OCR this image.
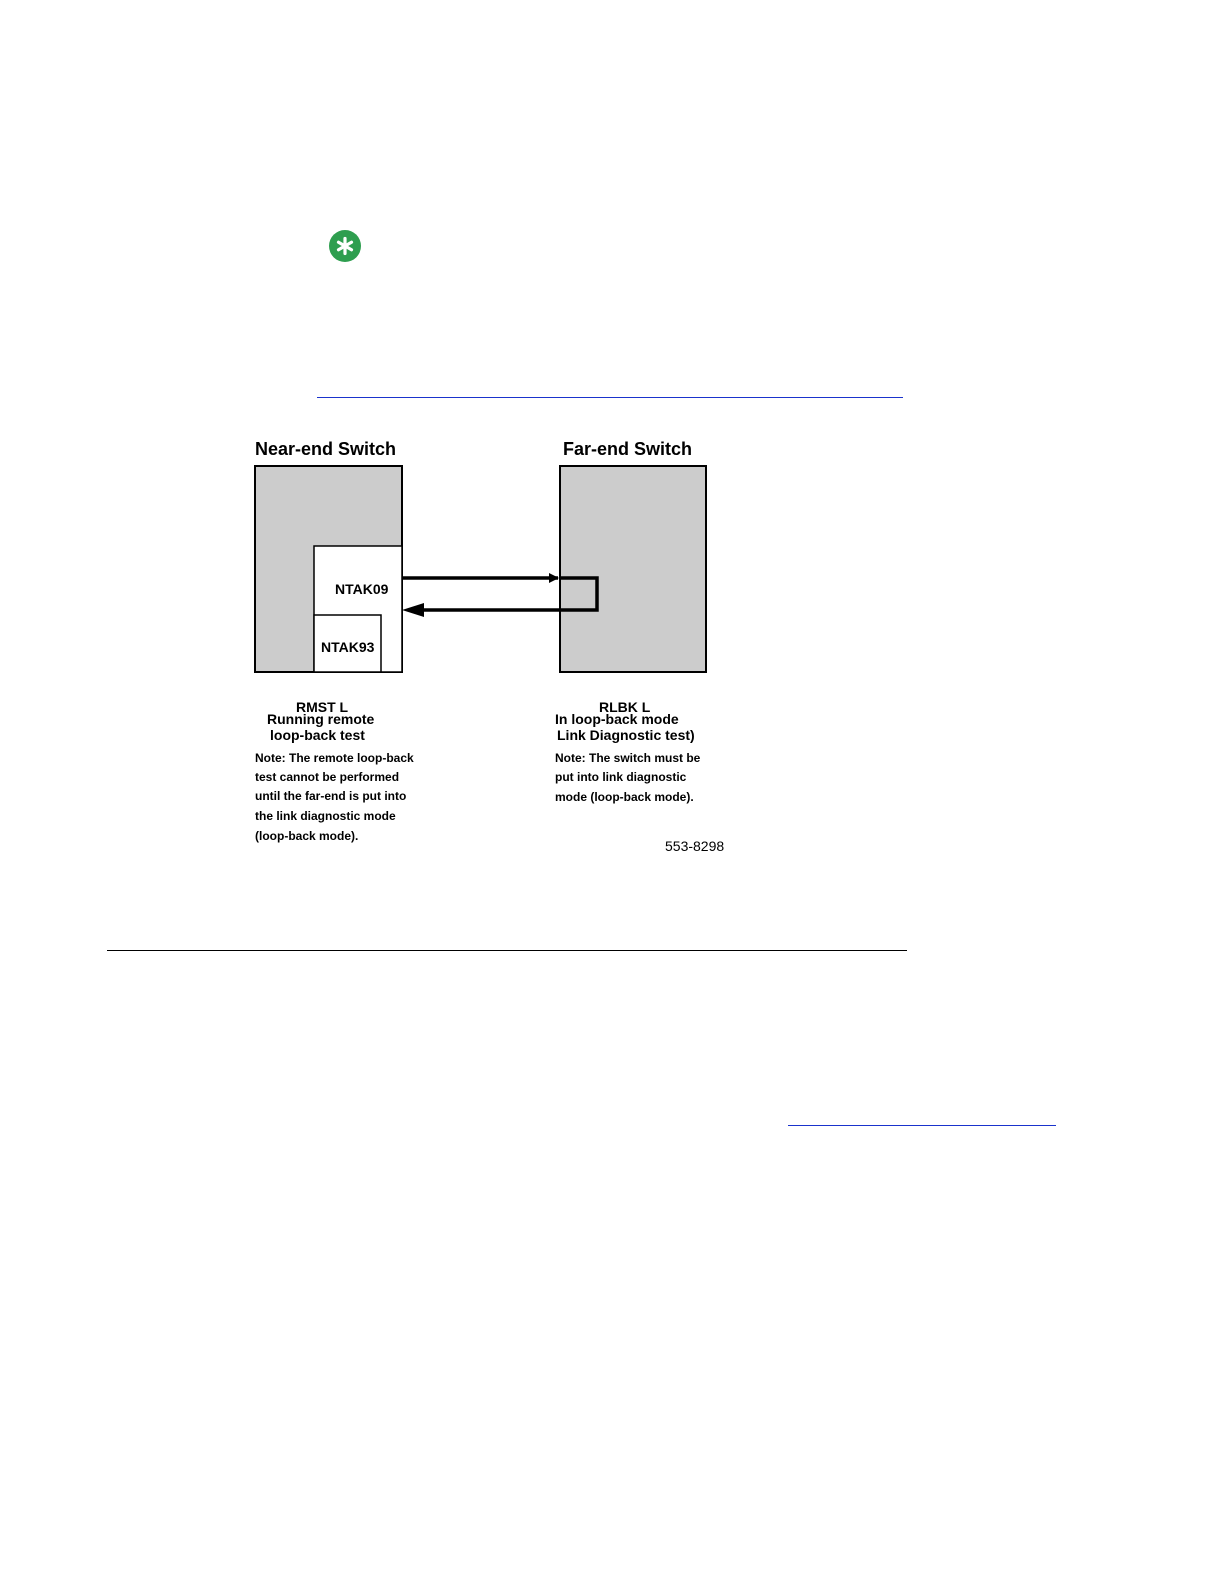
Near-end Switch	Far-end Switch
NTAK09
NTAK93
RMST L
Running remote
loop-back test
Note: The remote loop-back
test cannot be performed
until the far-end is put into
the link diagnostic mode
(loop-back mode).
RLBK L
In loop-back mode
Link Diagnostic test)
Note: The switch must be
put into link diagnostic
mode (loop-back mode).
553-8298
